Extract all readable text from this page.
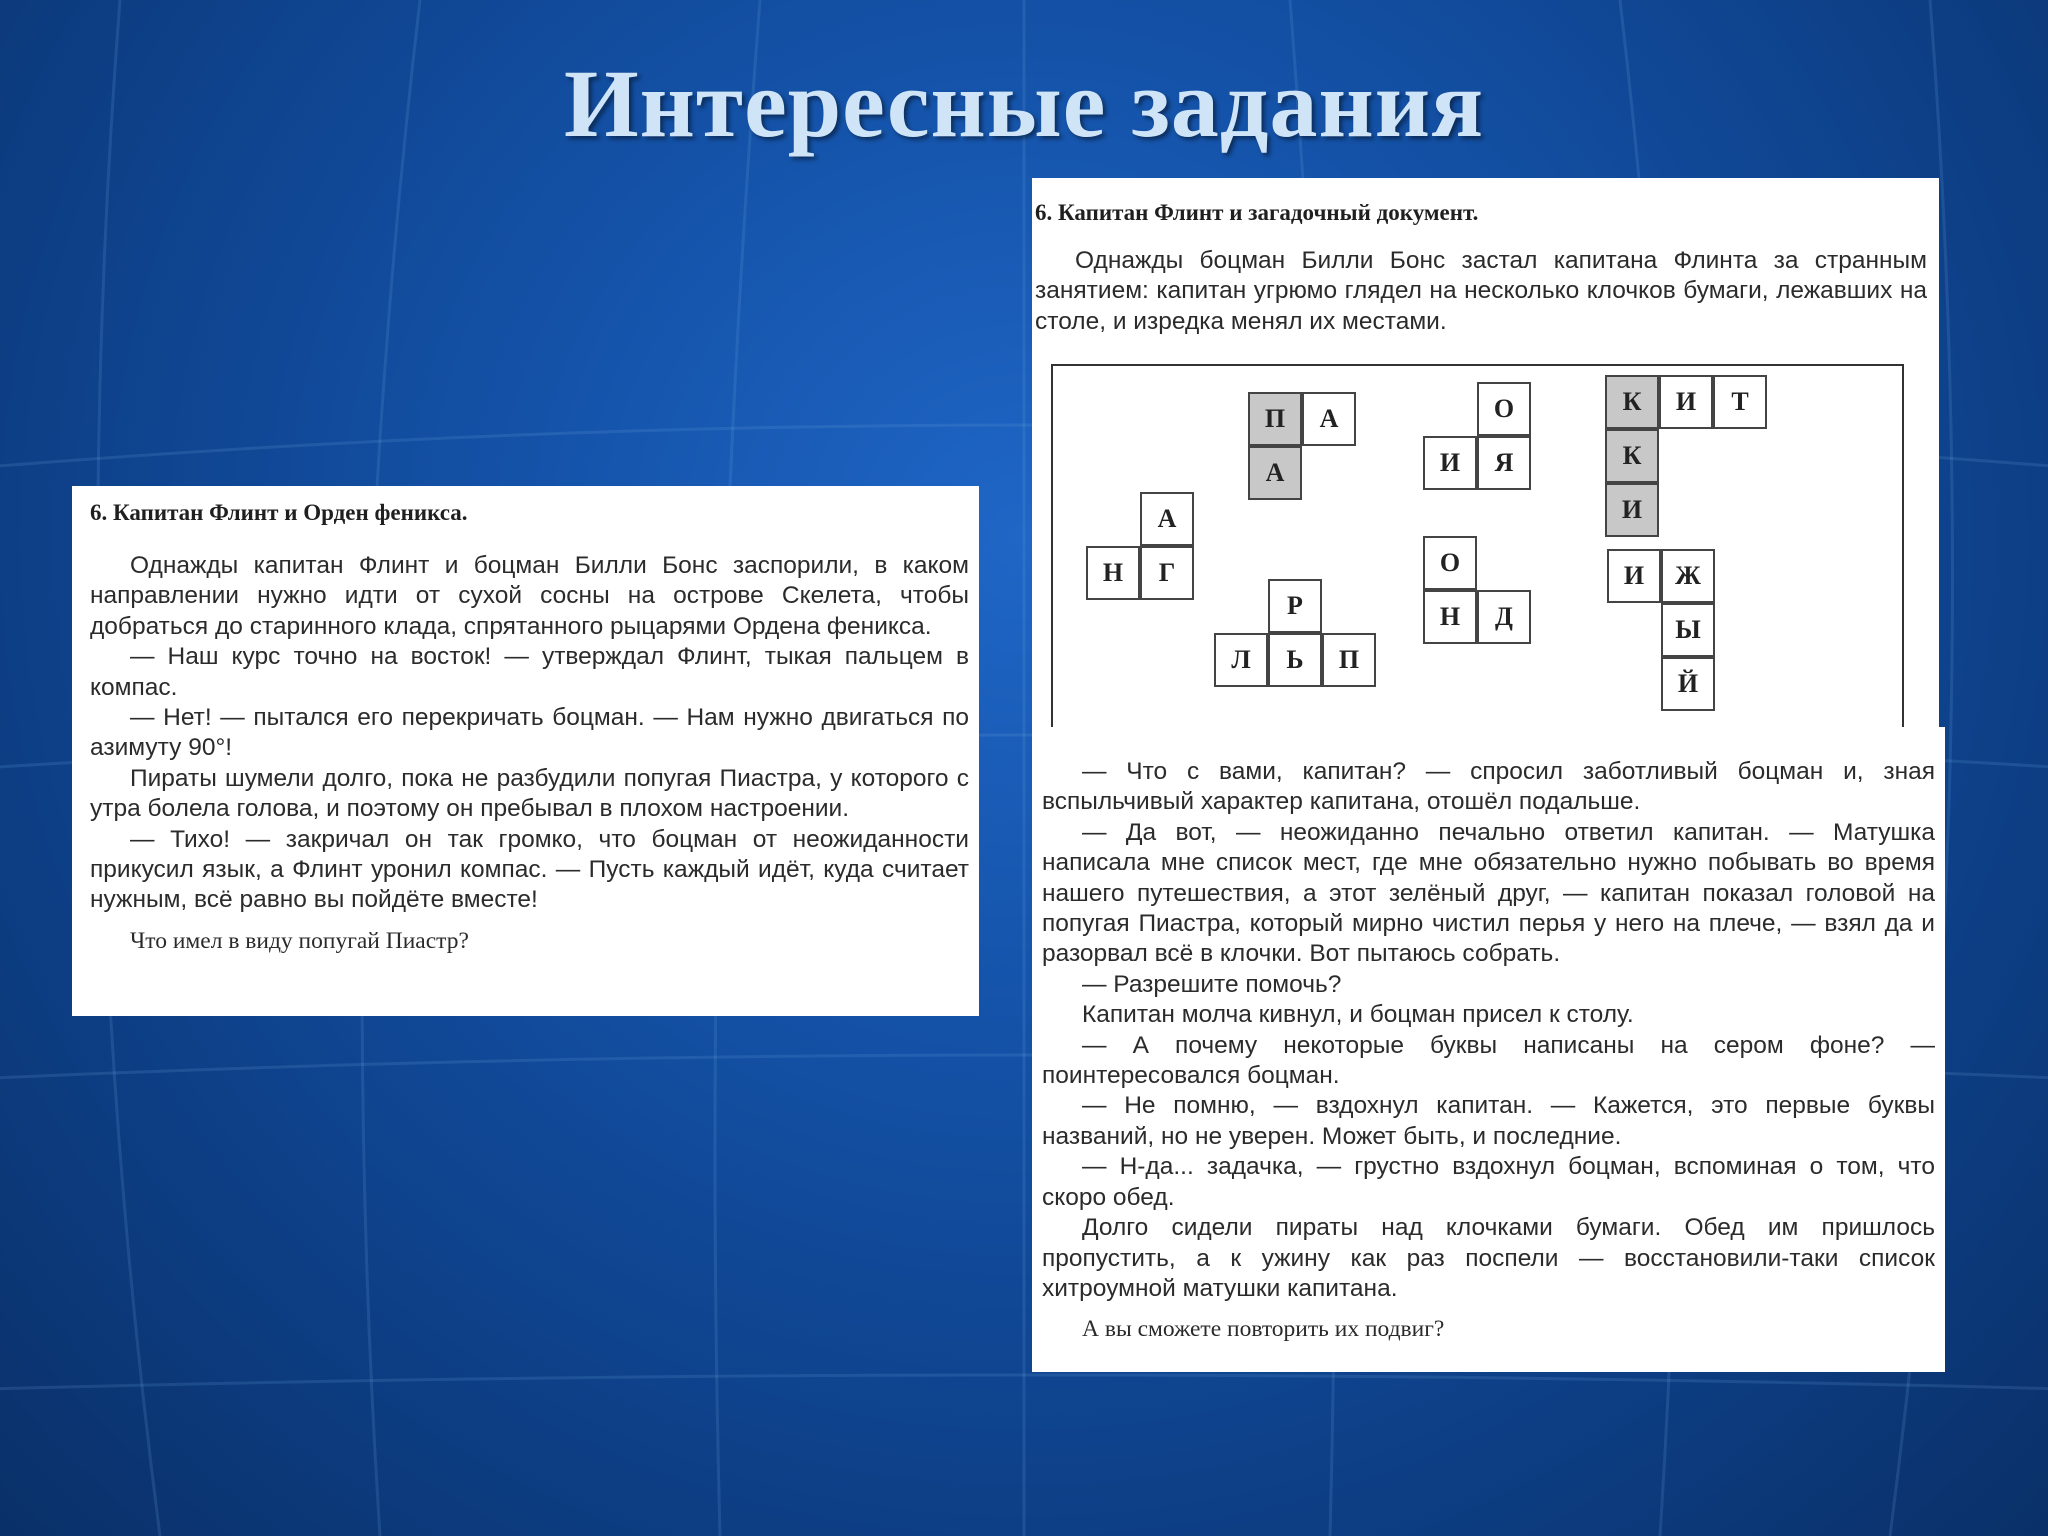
Интересные задания
6. Капитан Флинт и Орден феникса.

Однажды капитан Флинт и боцман Билли Бонс заспорили, в каком направлении нужно идти от сухой сосны на острове Скелета, чтобы добраться до старинного клада, спрятанного рыцарями Ордена феникса.

— Наш курс точно на восток! — утверждал Флинт, тыкая пальцем в компас.

— Нет! — пытался его перекричать боцман. — Нам нужно двигаться по азимуту 90°!

Пираты шумели долго, пока не разбудили попугая Пиастра, у которого с утра болела голова, и поэтому он пребывал в плохом настроении.

— Тихо! — закричал он так громко, что боцман от неожиданности прикусил язык, а Флинт уронил компас. — Пусть каждый идёт, куда считает нужным, всё равно вы пойдёте вместе!

Что имел в виду попугай Пиастр?
6. Капитан Флинт и загадочный документ.

Однажды боцман Билли Бонс застал капитана Флинта за странным занятием: капитан угрюмо глядел на несколько клочков бумаги, лежавших на столе, и изредка менял их местами.

П	А
А
О
И	Я
К	И	Т
К
И
А
Н	Г
Р
Л	Ь	П
О
Н	Д
И	Ж
Ы
Й

— Что с вами, капитан? — спросил заботливый боцман и, зная вспыльчивый характер капитана, отошёл подальше.

— Да вот, — неожиданно печально ответил капитан. — Матушка написала мне список мест, где мне обязательно нужно побывать во время нашего путешествия, а этот зелёный друг, — капитан показал головой на попугая Пиастра, который мирно чистил перья у него на плече, — взял да и разорвал всё в клочки. Вот пытаюсь собрать.

— Разрешите помочь?

Капитан молча кивнул, и боцман присел к столу.

— А почему некоторые буквы написаны на сером фоне? — поинтересовался боцман.

— Не помню, — вздохнул капитан. — Кажется, это первые буквы названий, но не уверен. Может быть, и последние.

— Н-да... задачка, — грустно вздохнул боцман, вспоминая о том, что скоро обед.

Долго сидели пираты над клочками бумаги. Обед им пришлось пропустить, а к ужину как раз поспели — восстановили-таки список хитроумной матушки капитана.

А вы сможете повторить их подвиг?
